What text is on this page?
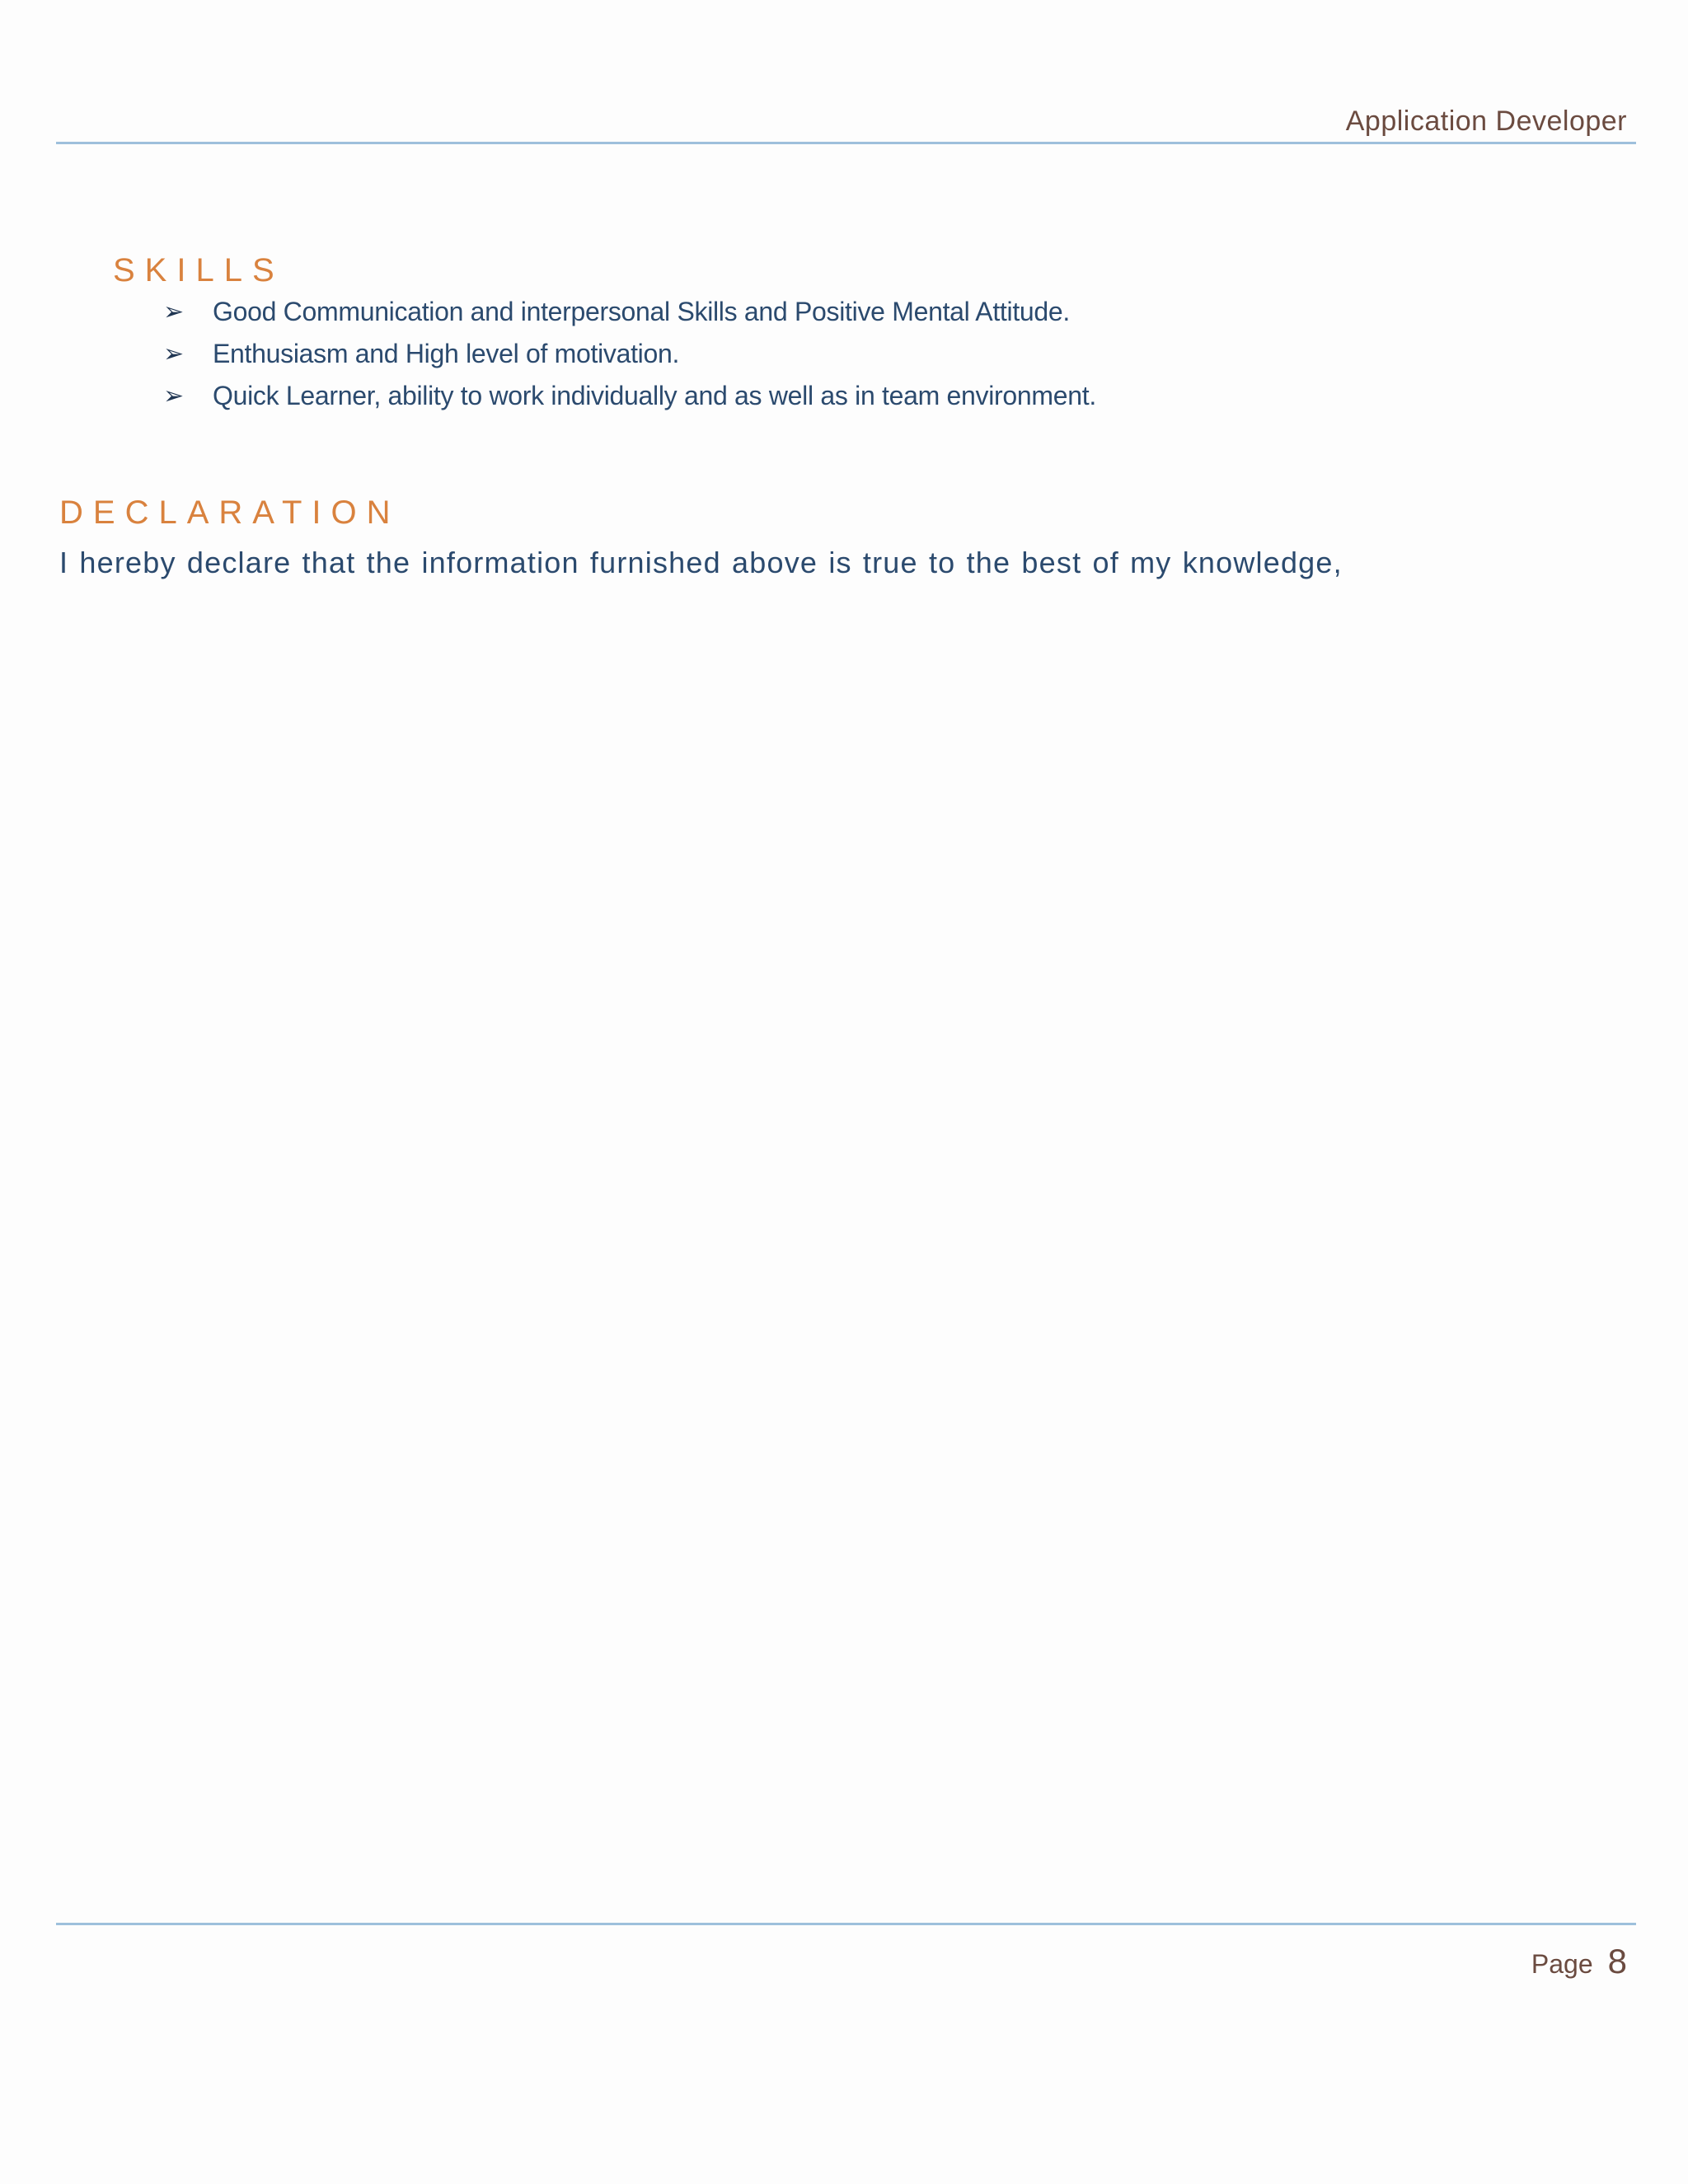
Application Developer
SKILLS
➢	Good Communication and interpersonal Skills and Positive Mental Attitude.
➢	Enthusiasm and High level of motivation.
➢	Quick Learner, ability to work individually and as well as in team environment.
DECLARATION
I hereby declare that the information furnished above is true to the best of my knowledge,
Page 8
